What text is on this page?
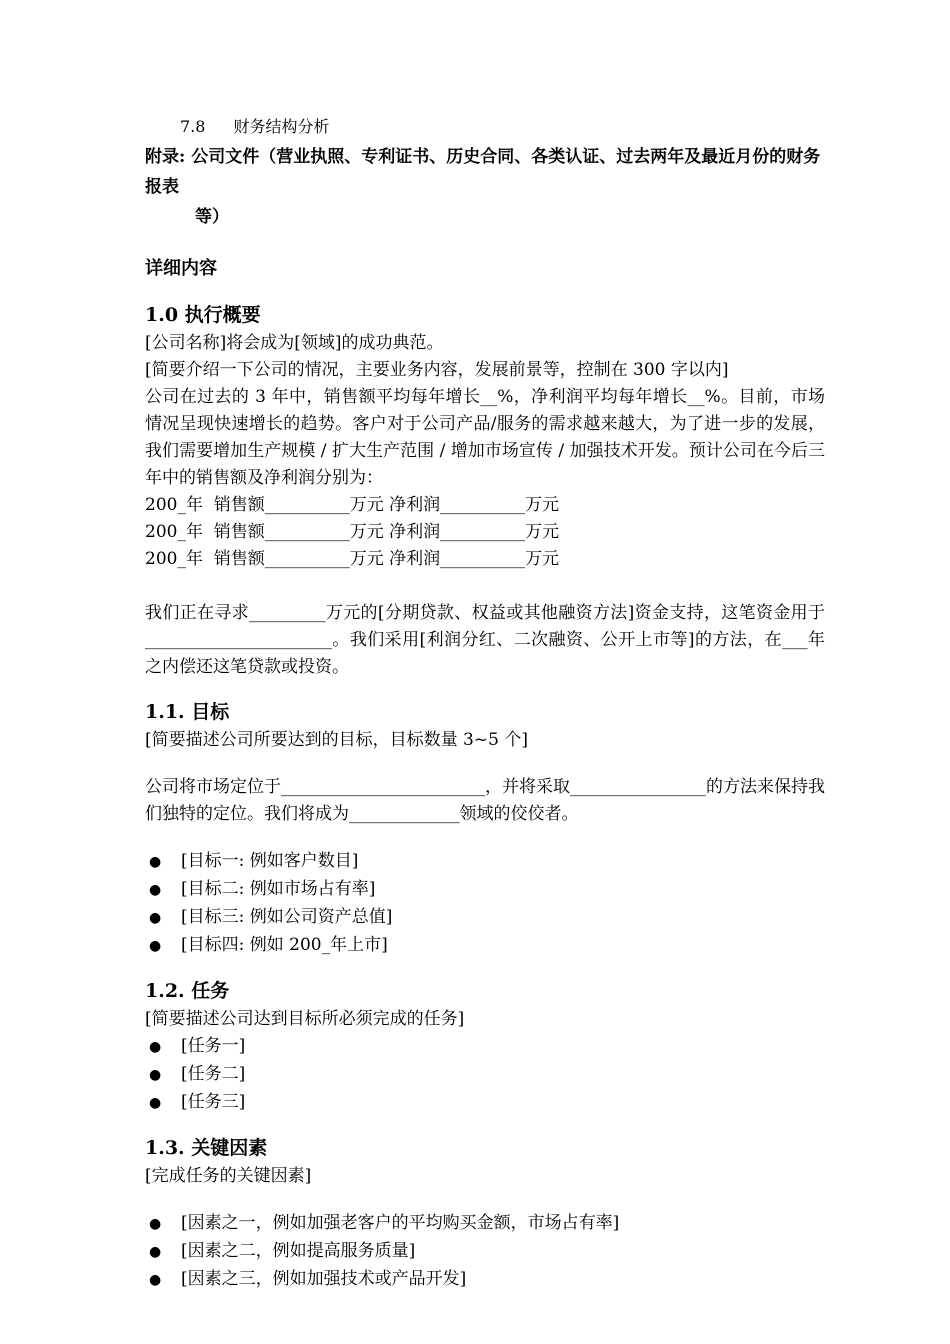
7.8 财务结构分析
附录: 公司文件（营业执照、专利证书、历史合同、各类认证、过去两年及最近月份的财务报表
等）
详细内容
1.0 执行概要

[公司名称]将会成为[领域]的成功典范。

[简要介绍一下公司的情况，主要业务内容，发展前景等，控制在 300 字以内]

公司在过去的 3 年中，销售额平均每年增长__%，净利润平均每年增长__%。目前，市场情况呈现快速增长的趋势。客户对于公司产品/服务的需求越来越大，为了进一步的发展，我们需要增加生产规模 / 扩大生产范围 / 增加市场宣传 / 加强技术开发。预计公司在今后三年中的销售额及净利润分别为：

200_年  销售额__________万元 净利润__________万元
200_年  销售额__________万元 净利润__________万元
200_年  销售额__________万元 净利润__________万元

我们正在寻求_________万元的[分期贷款、权益或其他融资方法]资金支持，这笔资金用于______________________。我们采用[利润分红、二次融资、公开上市等]的方法，在___年之内偿还这笔贷款或投资。

1.1. 目标

[简要描述公司所要达到的目标，目标数量 3~5 个]

公司将市场定位于________________________，并将采取________________的方法来保持我们独特的定位。我们将成为_____________领域的佼佼者。

●	[目标一: 例如客户数目]
●	[目标二: 例如市场占有率]
●	[目标三: 例如公司资产总值]
●	[目标四: 例如 200_年上市]
1.2. 任务

[简要描述公司达到目标所必须完成的任务]

●	[任务一]
●	[任务二]
●	[任务三]
1.3. 关键因素

[完成任务的关键因素]

●	[因素之一，例如加强老客户的平均购买金额，市场占有率]
●	[因素之二，例如提高服务质量]
●	[因素之三，例如加强技术或产品开发]
